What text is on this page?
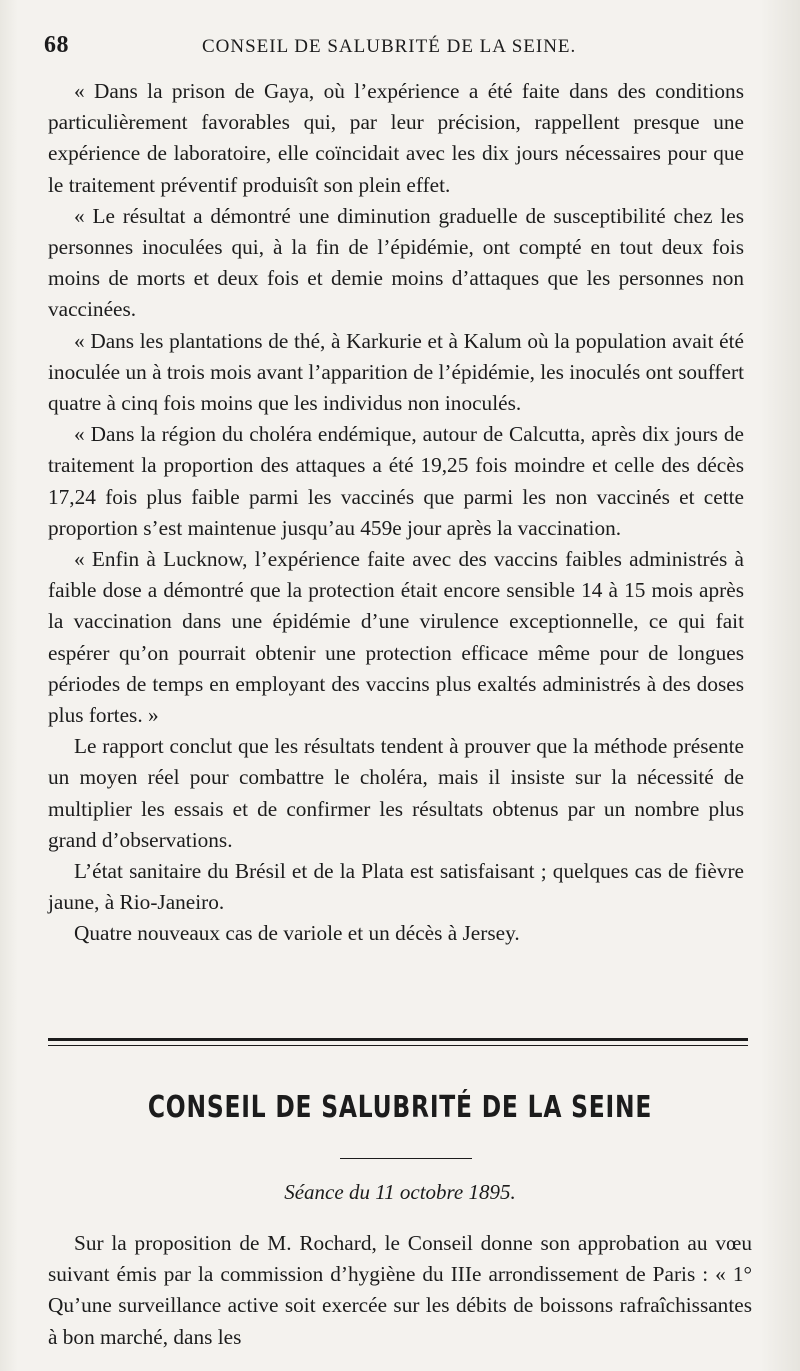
68	CONSEIL DE SALUBRITÉ DE LA SEINE.

« Dans la prison de Gaya, où l’expérience a été faite dans des conditions particulièrement favorables qui, par leur précision, rappellent presque une expérience de laboratoire, elle coïncidait avec les dix jours nécessaires pour que le traitement préventif produisît son plein effet.

« Le résultat a démontré une diminution graduelle de susceptibilité chez les personnes inoculées qui, à la fin de l’épidémie, ont compté en tout deux fois moins de morts et deux fois et demie moins d’attaques que les personnes non vaccinées.

« Dans les plantations de thé, à Karkurie et à Kalum où la population avait été inoculée un à trois mois avant l’apparition de l’épidémie, les inoculés ont souffert quatre à cinq fois moins que les individus non inoculés.

« Dans la région du choléra endémique, autour de Calcutta, après dix jours de traitement la proportion des attaques a été 19,25 fois moindre et celle des décès 17,24 fois plus faible parmi les vaccinés que parmi les non vaccinés et cette proportion s’est maintenue jusqu’au 459e jour après la vaccination.

« Enfin à Lucknow, l’expérience faite avec des vaccins faibles administrés à faible dose a démontré que la protection était encore sensible 14 à 15 mois après la vaccination dans une épidémie d’une virulence exceptionnelle, ce qui fait espérer qu’on pourrait obtenir une protection efficace même pour de longues périodes de temps en employant des vaccins plus exaltés administrés à des doses plus fortes. »

Le rapport conclut que les résultats tendent à prouver que la méthode présente un moyen réel pour combattre le choléra, mais il insiste sur la nécessité de multiplier les essais et de confirmer les résultats obtenus par un nombre plus grand d’observations.

L’état sanitaire du Brésil et de la Plata est satisfaisant ; quelques cas de fièvre jaune, à Rio-Janeiro.

Quatre nouveaux cas de variole et un décès à Jersey.

CONSEIL DE SALUBRITÉ DE LA SEINE
Séance du 11 octobre 1895.

Sur la proposition de M. Rochard, le Conseil donne son approbation au vœu suivant émis par la commission d’hygiène du IIIe arrondissement de Paris : « 1° Qu’une surveillance active soit exercée sur les débits de boissons rafraîchissantes à bon marché, dans les
